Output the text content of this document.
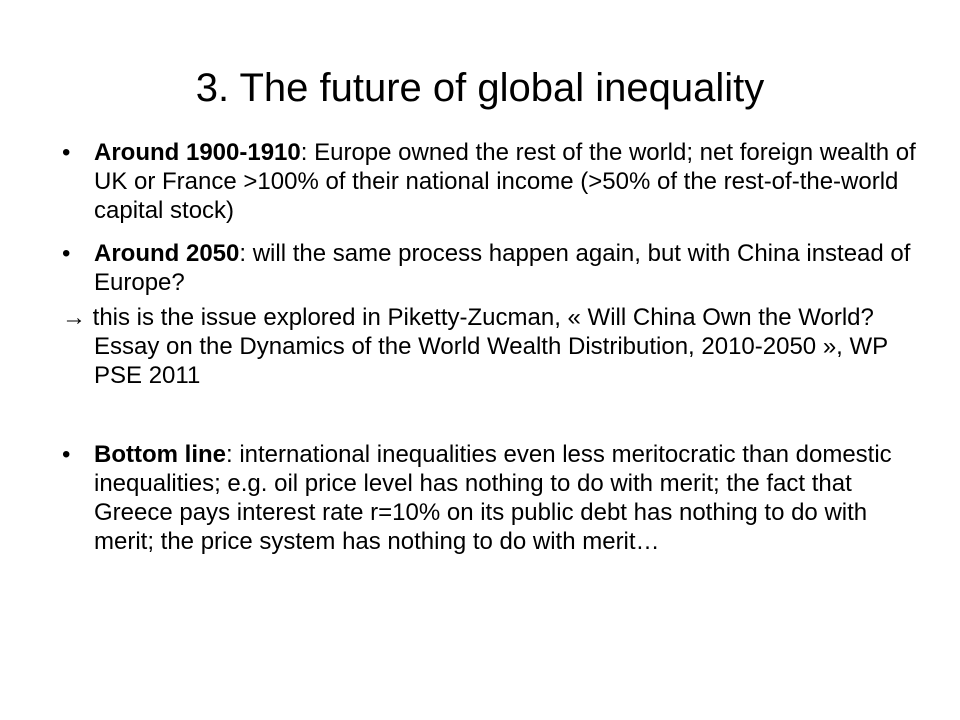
3. The future of global inequality
• Around 1900-1910: Europe owned the rest of the world; net foreign wealth of UK or France >100% of their national income (>50% of the rest-of-the-world capital stock)
• Around 2050: will the same process happen again, but with China instead of Europe?
→ this is the issue explored in Piketty-Zucman, « Will China Own the World? Essay on the Dynamics of the World Wealth Distribution, 2010-2050 », WP PSE 2011
• Bottom line: international inequalities even less meritocratic than domestic inequalities; e.g. oil price level has nothing to do with merit; the fact that Greece pays interest rate r=10% on its public debt has nothing to do with merit; the price system has nothing to do with merit…
